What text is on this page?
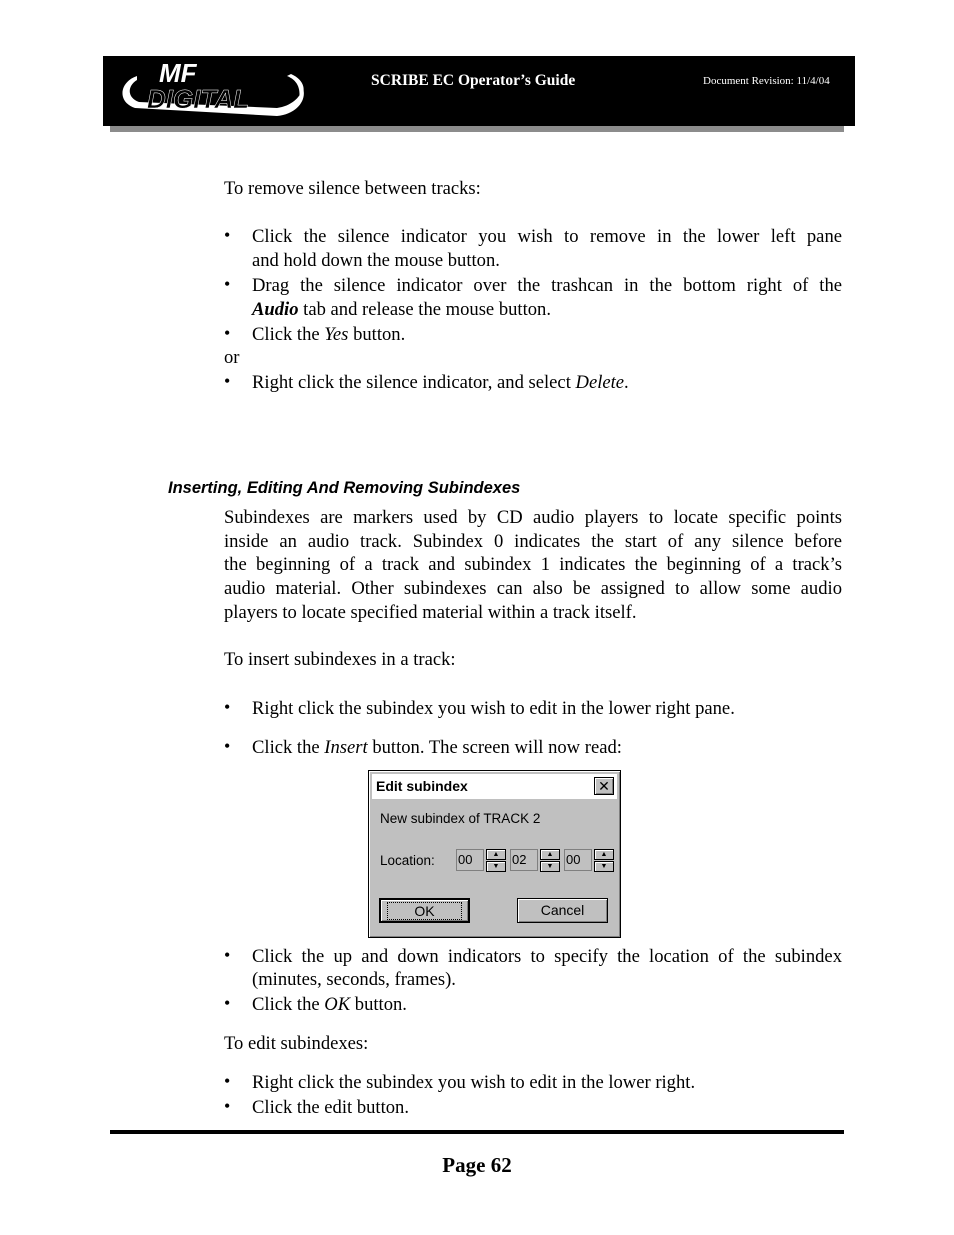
MF
DIGITAL
SCRIBE EC Operator’s Guide	Document Revision: 11/4/04
To remove silence between tracks:
• Click the silence indicator you wish to remove in the lower left pane
and hold down the mouse button.
• Drag the silence indicator over the trashcan in the bottom right of the
Audio tab and release the mouse button.
• Click the Yes button.
or
• Right click the silence indicator, and select Delete.
Inserting, Editing And Removing Subindexes
Subindexes are markers used by CD audio players to locate specific points
inside an audio track. Subindex 0 indicates the start of any silence before
the beginning of a track and subindex 1 indicates the beginning of a track’s
audio material. Other subindexes can also be assigned to allow some audio
players to locate specified material within a track itself.
To insert subindexes in a track:
• Right click the subindex you wish to edit in the lower right pane.
• Click the Insert button. The screen will now read:
Edit subindex	✕
New subindex of TRACK 2
Location: 00	▲
▼ 02	▲
▼ 00	▲
▼
OK	Cancel
• Click the up and down indicators to specify the location of the subindex
(minutes, seconds, frames).
• Click the OK button.
To edit subindexes:
• Right click the subindex you wish to edit in the lower right.
• Click the edit button.
Page 62
